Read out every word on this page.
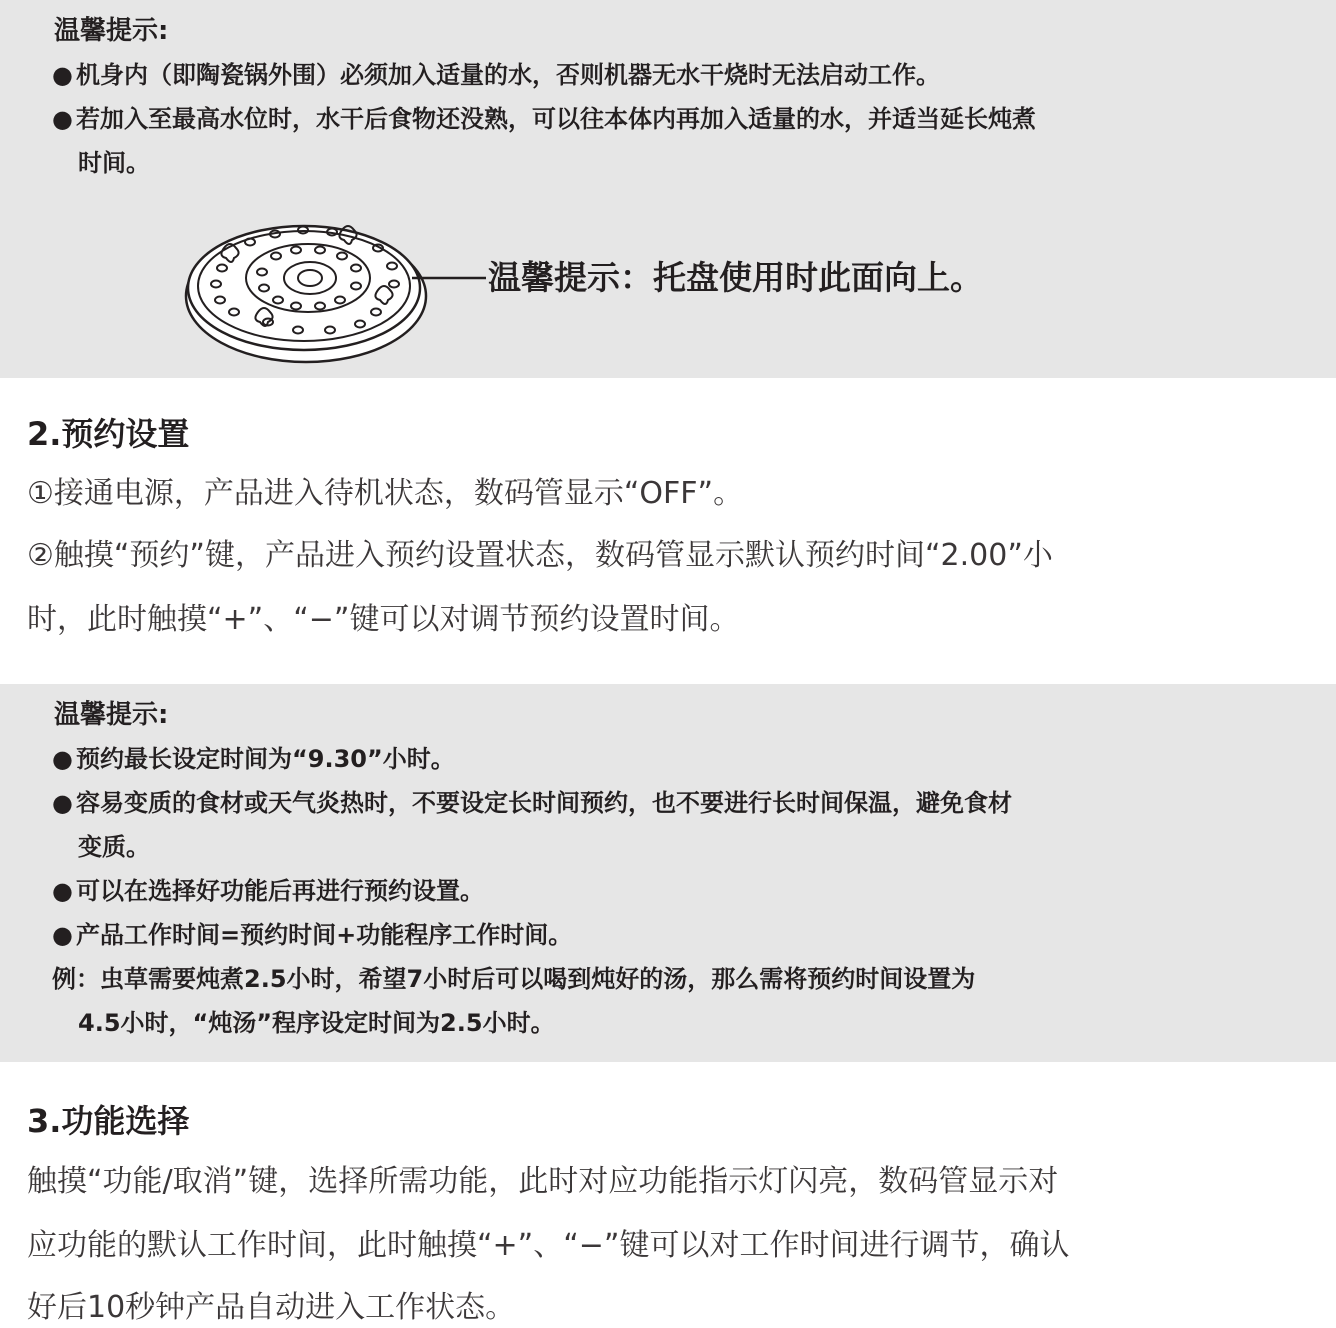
温馨提示:
● 机身内（即陶瓷锅外围）必须加入适量的水，否则机器无水干烧时无法启动工作。
● 若加入至最高水位时，水干后食物还没熟，可以往本体内再加入适量的水，并适当延长炖煮
时间。
温馨提示：托盘使用时此面向上。
2.预约设置
①接通电源，产品进入待机状态，数码管显示“OFF”。
②触摸“预约”键，产品进入预约设置状态，数码管显示默认预约时间“2.00”小
时，此时触摸“+”、“−”键可以对调节预约设置时间。
温馨提示:
● 预约最长设定时间为“9.30”小时。
● 容易变质的食材或天气炎热时，不要设定长时间预约，也不要进行长时间保温，避免食材
变质。
● 可以在选择好功能后再进行预约设置。
● 产品工作时间=预约时间+功能程序工作时间。
例：虫草需要炖煮2.5小时，希望7小时后可以喝到炖好的汤，那么需将预约时间设置为
4.5小时，“炖汤”程序设定时间为2.5小时。
3.功能选择
触摸“功能/取消”键，选择所需功能，此时对应功能指示灯闪亮，数码管显示对
应功能的默认工作时间，此时触摸“+”、“−”键可以对工作时间进行调节，确认
好后10秒钟产品自动进入工作状态。
